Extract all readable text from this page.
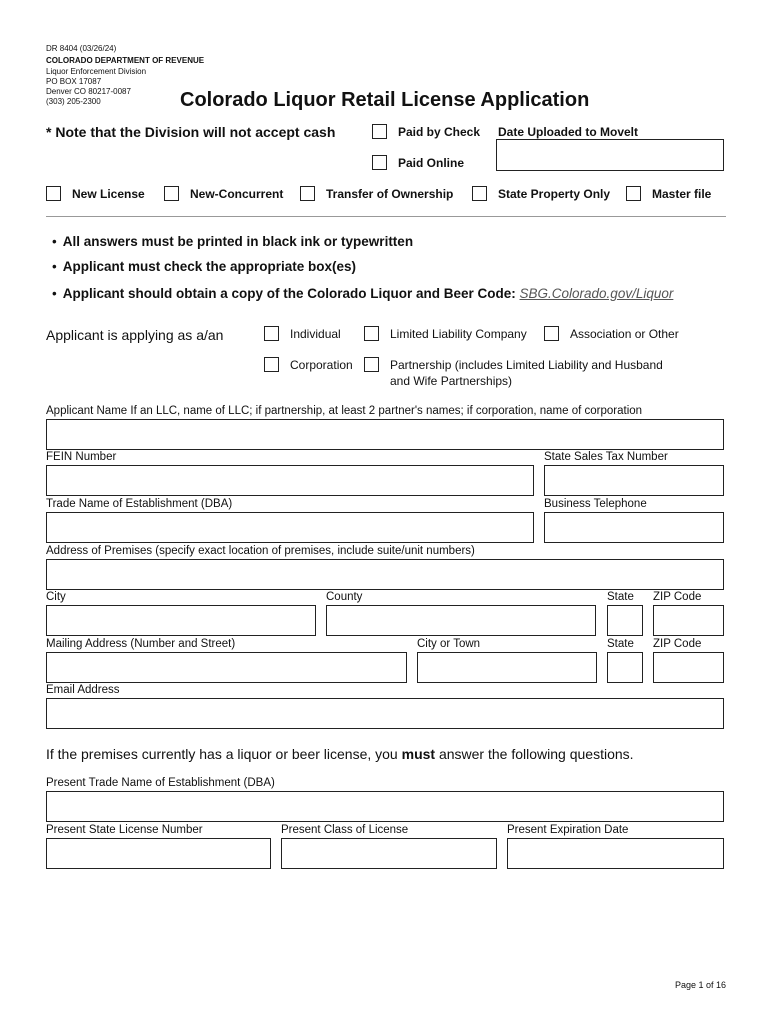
DR 8404 (03/26/24)
COLORADO DEPARTMENT OF REVENUE
Liquor Enforcement Division
PO BOX 17087
Denver CO 80217-0087
(303) 205-2300	Colorado Liquor Retail License Application
* Note that the Division will not accept cash	Paid by Check
Paid Online
Date Uploaded to Movelt
New License	New-Concurrent	Transfer of Ownership	State Property Only	Master file
• All answers must be printed in black ink or typewritten
• Applicant must check the appropriate box(es)
• Applicant should obtain a copy of the Colorado Liquor and Beer Code: SBG.Colorado.gov/Liquor
Applicant is applying as a/an	Individual	Limited Liability Company	Association or Other
Corporation	Partnership (includes Limited Liability and Husband
and Wife Partnerships)
Applicant Name If an LLC, name of LLC; if partnership, at least 2 partner's names; if corporation, name of corporation
FEIN Number	State Sales Tax Number
Trade Name of Establishment (DBA)	Business Telephone
Address of Premises (specify exact location of premises, include suite/unit numbers)
City	County	State ZIP Code
Mailing Address (Number and Street)	City or Town	State ZIP Code
Email Address
If the premises currently has a liquor or beer license, you must answer the following questions.
Present Trade Name of Establishment (DBA)
Present State License Number	Present Class of License	Present Expiration Date
Page 1 of 16
